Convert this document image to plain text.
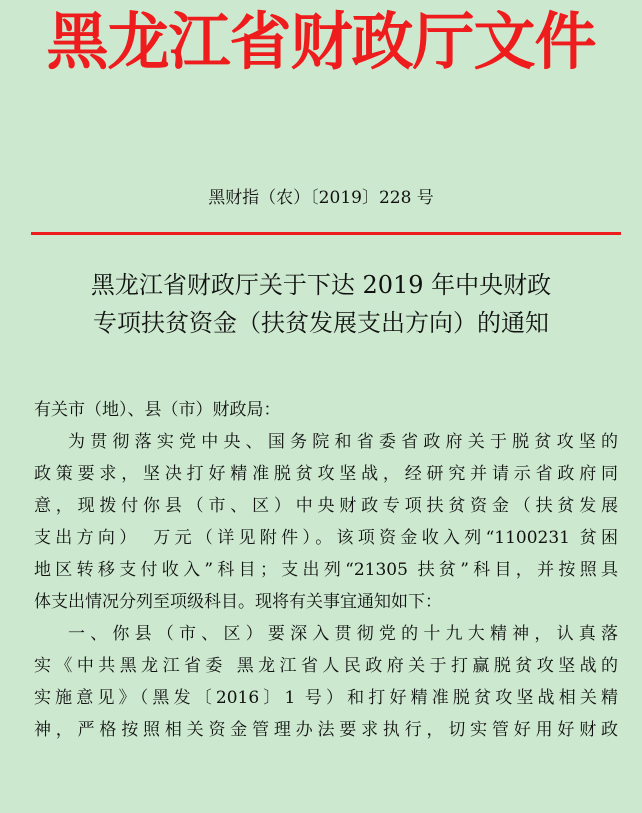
黑龙江省财政厅文件
黑财指（农）〔2019〕228 号
黑龙江省财政厅关于下达 2019 年中央财政
专项扶贫资金（扶贫发展支出方向）的通知

有关市（地）、县（市）财政局：

为贯彻落实党中央、国务院和省委省政府关于脱贫攻坚的

政策要求，坚决打好精准脱贫攻坚战，经研究并请示省政府同

意，现拨付你县（市、区）中央财政专项扶贫资金（扶贫发展

支出方向）　万元（详见附件）。该项资金收入列“1100231 贫困

地区转移支付收入”科目；支出列“21305 扶贫”科目，并按照具

体支出情况分列至项级科目。现将有关事宜通知如下：

一、你县（市、区）要深入贯彻党的十九大精神，认真落

实《中共黑龙江省委 黑龙江省人民政府关于打赢脱贫攻坚战的

实施意见》（黑发〔2016〕1 号）和打好精准脱贫攻坚战相关精

神，严格按照相关资金管理办法要求执行，切实管好用好财政
